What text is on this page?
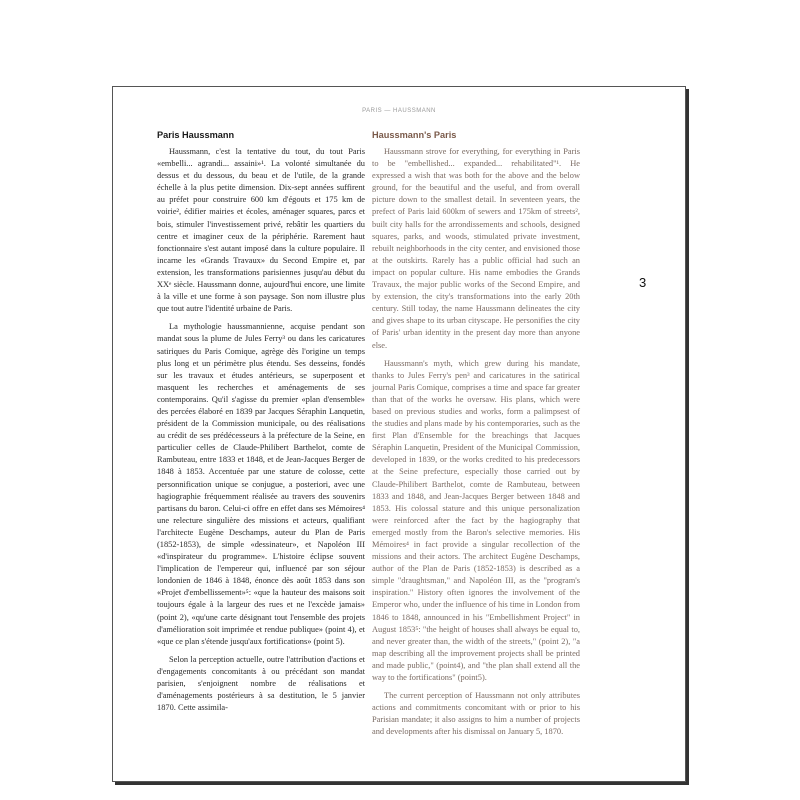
PARIS — HAUSSMANN
Paris Haussmann

Haussmann, c'est la tentative du tout, du tout Paris «embelli... agrandi... assaini»¹. La volonté simultanée du dessus et du dessous, du beau et de l'utile, de la grande échelle à la plus petite dimension. Dix-sept années suffirent au préfet pour construire 600 km d'égouts et 175 km de voirie², édifier mairies et écoles, aménager squares, parcs et bois, stimuler l'investissement privé, rebâtir les quartiers du centre et imaginer ceux de la périphérie. Rarement haut fonctionnaire s'est autant imposé dans la culture populaire. Il incarne les «Grands Travaux» du Second Empire et, par extension, les transformations parisiennes jusqu'au début du XXᵉ siècle. Haussmann donne, aujourd'hui encore, une limite à la ville et une forme à son paysage. Son nom illustre plus que tout autre l'identité urbaine de Paris.

La mythologie haussmannienne, acquise pendant son mandat sous la plume de Jules Ferry³ ou dans les caricatures satiriques du Paris Comique, agrège dès l'origine un temps plus long et un périmètre plus étendu. Ses desseins, fondés sur les travaux et études antérieurs, se superposent et masquent les recherches et aménagements de ses contemporains. Qu'il s'agisse du premier «plan d'ensemble» des percées élaboré en 1839 par Jacques Séraphin Lanquetin, président de la Commission municipale, ou des réalisations au crédit de ses prédécesseurs à la préfecture de la Seine, en particulier celles de Claude-Philibert Barthelot, comte de Rambuteau, entre 1833 et 1848, et de Jean-Jacques Berger de 1848 à 1853. Accentuée par une stature de colosse, cette personnification unique se conjugue, a posteriori, avec une hagiographie fréquemment réalisée au travers des souvenirs partisans du baron. Celui-ci offre en effet dans ses Mémoires⁴ une relecture singulière des missions et acteurs, qualifiant l'architecte Eugène Deschamps, auteur du Plan de Paris (1852-1853), de simple «dessinateur», et Napoléon III «d'inspirateur du programme». L'histoire éclipse souvent l'implication de l'empereur qui, influencé par son séjour londonien de 1846 à 1848, énonce dès août 1853 dans son «Projet d'embellissement»⁵: «que la hauteur des maisons soit toujours égale à la largeur des rues et ne l'excède jamais» (point 2), «qu'une carte désignant tout l'ensemble des projets d'amélioration soit imprimée et rendue publique» (point 4), et «que ce plan s'étende jusqu'aux fortifications» (point 5).

Selon la perception actuelle, outre l'attribution d'actions et d'engagements concomitants à ou précédant son mandat parisien, s'enjoignent nombre de réalisations et d'aménagements postérieurs à sa destitution, le 5 janvier 1870. Cette assimila-

Haussmann's Paris

Haussmann strove for everything, for everything in Paris to be "embellished... expanded... rehabilitated"¹. He expressed a wish that was both for the above and the below ground, for the beautiful and the useful, and from overall picture down to the smallest detail. In seventeen years, the prefect of Paris laid 600km of sewers and 175km of streets², built city halls for the arrondissements and schools, designed squares, parks, and woods, stimulated private investment, rebuilt neighborhoods in the city center, and envisioned those at the outskirts. Rarely has a public official had such an impact on popular culture. His name embodies the Grands Travaux, the major public works of the Second Empire, and by extension, the city's transformations into the early 20th century. Still today, the name Haussmann delineates the city and gives shape to its urban cityscape. He personifies the city of Paris' urban identity in the present day more than anyone else.

Haussmann's myth, which grew during his mandate, thanks to Jules Ferry's pen³ and caricatures in the satirical journal Paris Comique, comprises a time and space far greater than that of the works he oversaw. His plans, which were based on previous studies and works, form a palimpsest of the studies and plans made by his contemporaries, such as the first Plan d'Ensemble for the breachings that Jacques Séraphin Lanquetin, President of the Municipal Commission, developed in 1839, or the works credited to his predecessors at the Seine prefecture, especially those carried out by Claude-Philibert Barthelot, comte de Rambuteau, between 1833 and 1848, and Jean-Jacques Berger between 1848 and 1853. His colossal stature and this unique personalization were reinforced after the fact by the hagiography that emerged mostly from the Baron's selective memories. His Mémoires⁴ in fact provide a singular recollection of the missions and their actors. The architect Eugène Deschamps, author of the Plan de Paris (1852-1853) is described as a simple "draughtsman," and Napoléon III, as the "program's inspiration." History often ignores the involvement of the Emperor who, under the influence of his time in London from 1846 to 1848, announced in his "Embellishment Project" in August 1853⁵: "the height of houses shall always be equal to, and never greater than, the width of the streets," (point 2), "a map describing all the improvement projects shall be printed and made public," (point4), and "the plan shall extend all the way to the fortifications" (point5).

The current perception of Haussmann not only attributes actions and commitments concomitant with or prior to his Parisian mandate; it also assigns to him a number of projects and developments after his dismissal on January 5, 1870.

3
